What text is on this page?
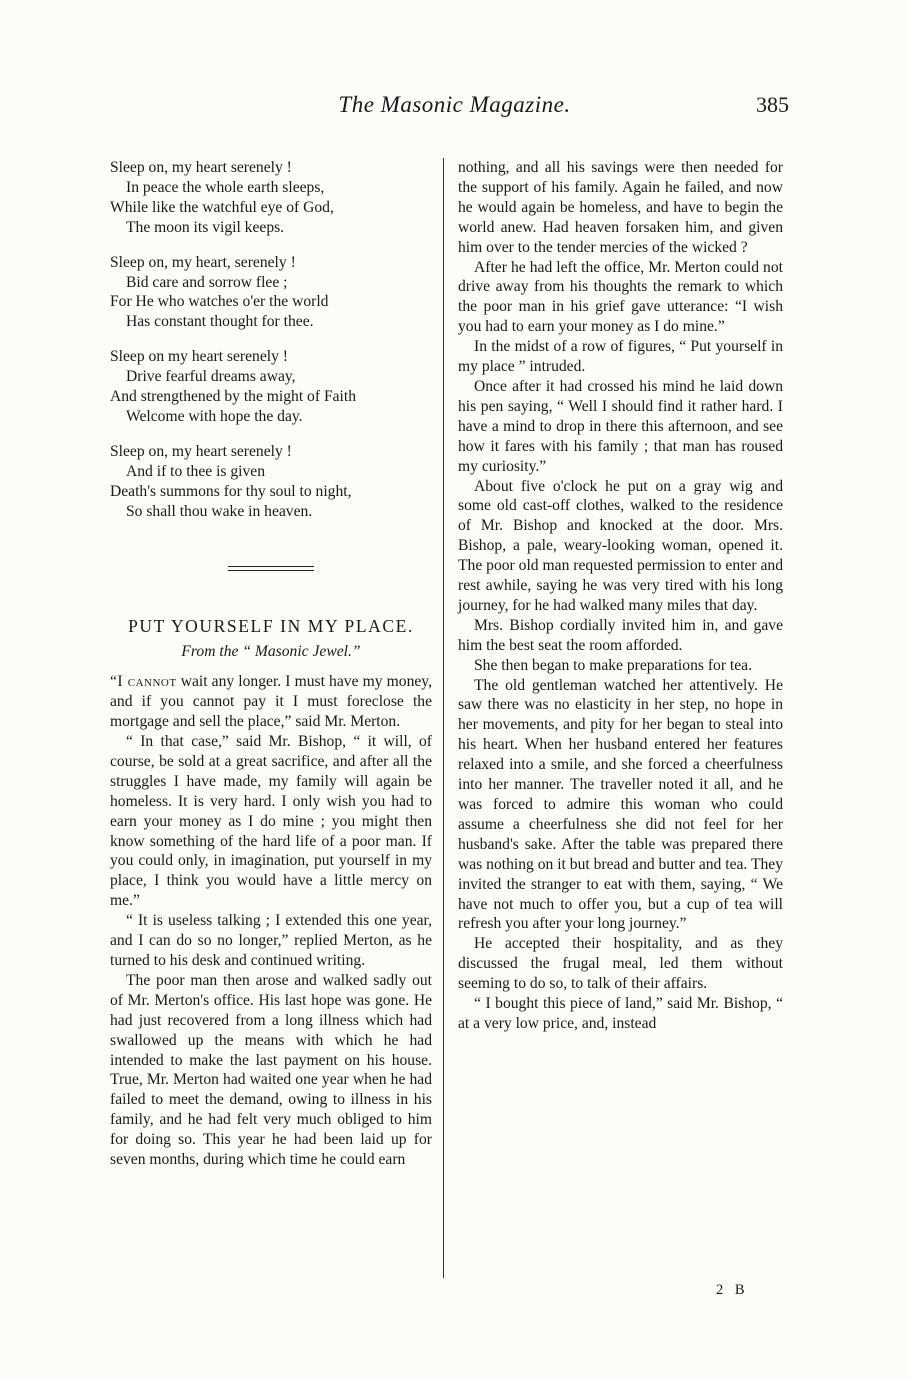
The Masonic Magazine.	385
Sleep on, my heart serenely !
In peace the whole earth sleeps,
While like the watchful eye of God,
The moon its vigil keeps.
Sleep on, my heart, serenely !
Bid care and sorrow flee ;
For He who watches o'er the world
Has constant thought for thee.
Sleep on my heart serenely !
Drive fearful dreams away,
And strengthened by the might of Faith
Welcome with hope the day.
Sleep on, my heart serenely !
And if to thee is given
Death's summons for thy soul to night,
So shall thou wake in heaven.
PUT YOURSELF IN MY PLACE.
From the “ Masonic Jewel.”

“I cannot wait any longer. I must have my money, and if you cannot pay it I must foreclose the mortgage and sell the place,” said Mr. Merton.

“ In that case,” said Mr. Bishop, “ it will, of course, be sold at a great sacrifice, and after all the struggles I have made, my family will again be homeless. It is very hard. I only wish you had to earn your money as I do mine ; you might then know something of the hard life of a poor man. If you could only, in imagination, put yourself in my place, I think you would have a little mercy on me.”

“ It is useless talking ; I extended this one year, and I can do so no longer,” replied Merton, as he turned to his desk and continued writing.

The poor man then arose and walked sadly out of Mr. Merton's office. His last hope was gone. He had just recovered from a long illness which had swallowed up the means with which he had intended to make the last payment on his house. True, Mr. Merton had waited one year when he had failed to meet the demand, owing to illness in his family, and he had felt very much obliged to him for doing so. This year he had been laid up for seven months, during which time he could earn

nothing, and all his savings were then needed for the support of his family. Again he failed, and now he would again be homeless, and have to begin the world anew. Had heaven forsaken him, and given him over to the tender mercies of the wicked ?

After he had left the office, Mr. Merton could not drive away from his thoughts the remark to which the poor man in his grief gave utterance: “I wish you had to earn your money as I do mine.”

In the midst of a row of figures, “ Put yourself in my place ” intruded.

Once after it had crossed his mind he laid down his pen saying, “ Well I should find it rather hard. I have a mind to drop in there this afternoon, and see how it fares with his family ; that man has roused my curiosity.”

About five o'clock he put on a gray wig and some old cast-off clothes, walked to the residence of Mr. Bishop and knocked at the door. Mrs. Bishop, a pale, weary-looking woman, opened it. The poor old man requested permission to enter and rest awhile, saying he was very tired with his long journey, for he had walked many miles that day.

Mrs. Bishop cordially invited him in, and gave him the best seat the room afforded.

She then began to make preparations for tea.

The old gentleman watched her attentively. He saw there was no elasticity in her step, no hope in her movements, and pity for her began to steal into his heart. When her husband entered her features relaxed into a smile, and she forced a cheerfulness into her manner. The traveller noted it all, and he was forced to admire this woman who could assume a cheerfulness she did not feel for her husband's sake. After the table was prepared there was nothing on it but bread and butter and tea. They invited the stranger to eat with them, saying, “ We have not much to offer you, but a cup of tea will refresh you after your long journey.”

He accepted their hospitality, and as they discussed the frugal meal, led them without seeming to do so, to talk of their affairs.

“ I bought this piece of land,” said Mr. Bishop, “ at a very low price, and, instead

2 B
